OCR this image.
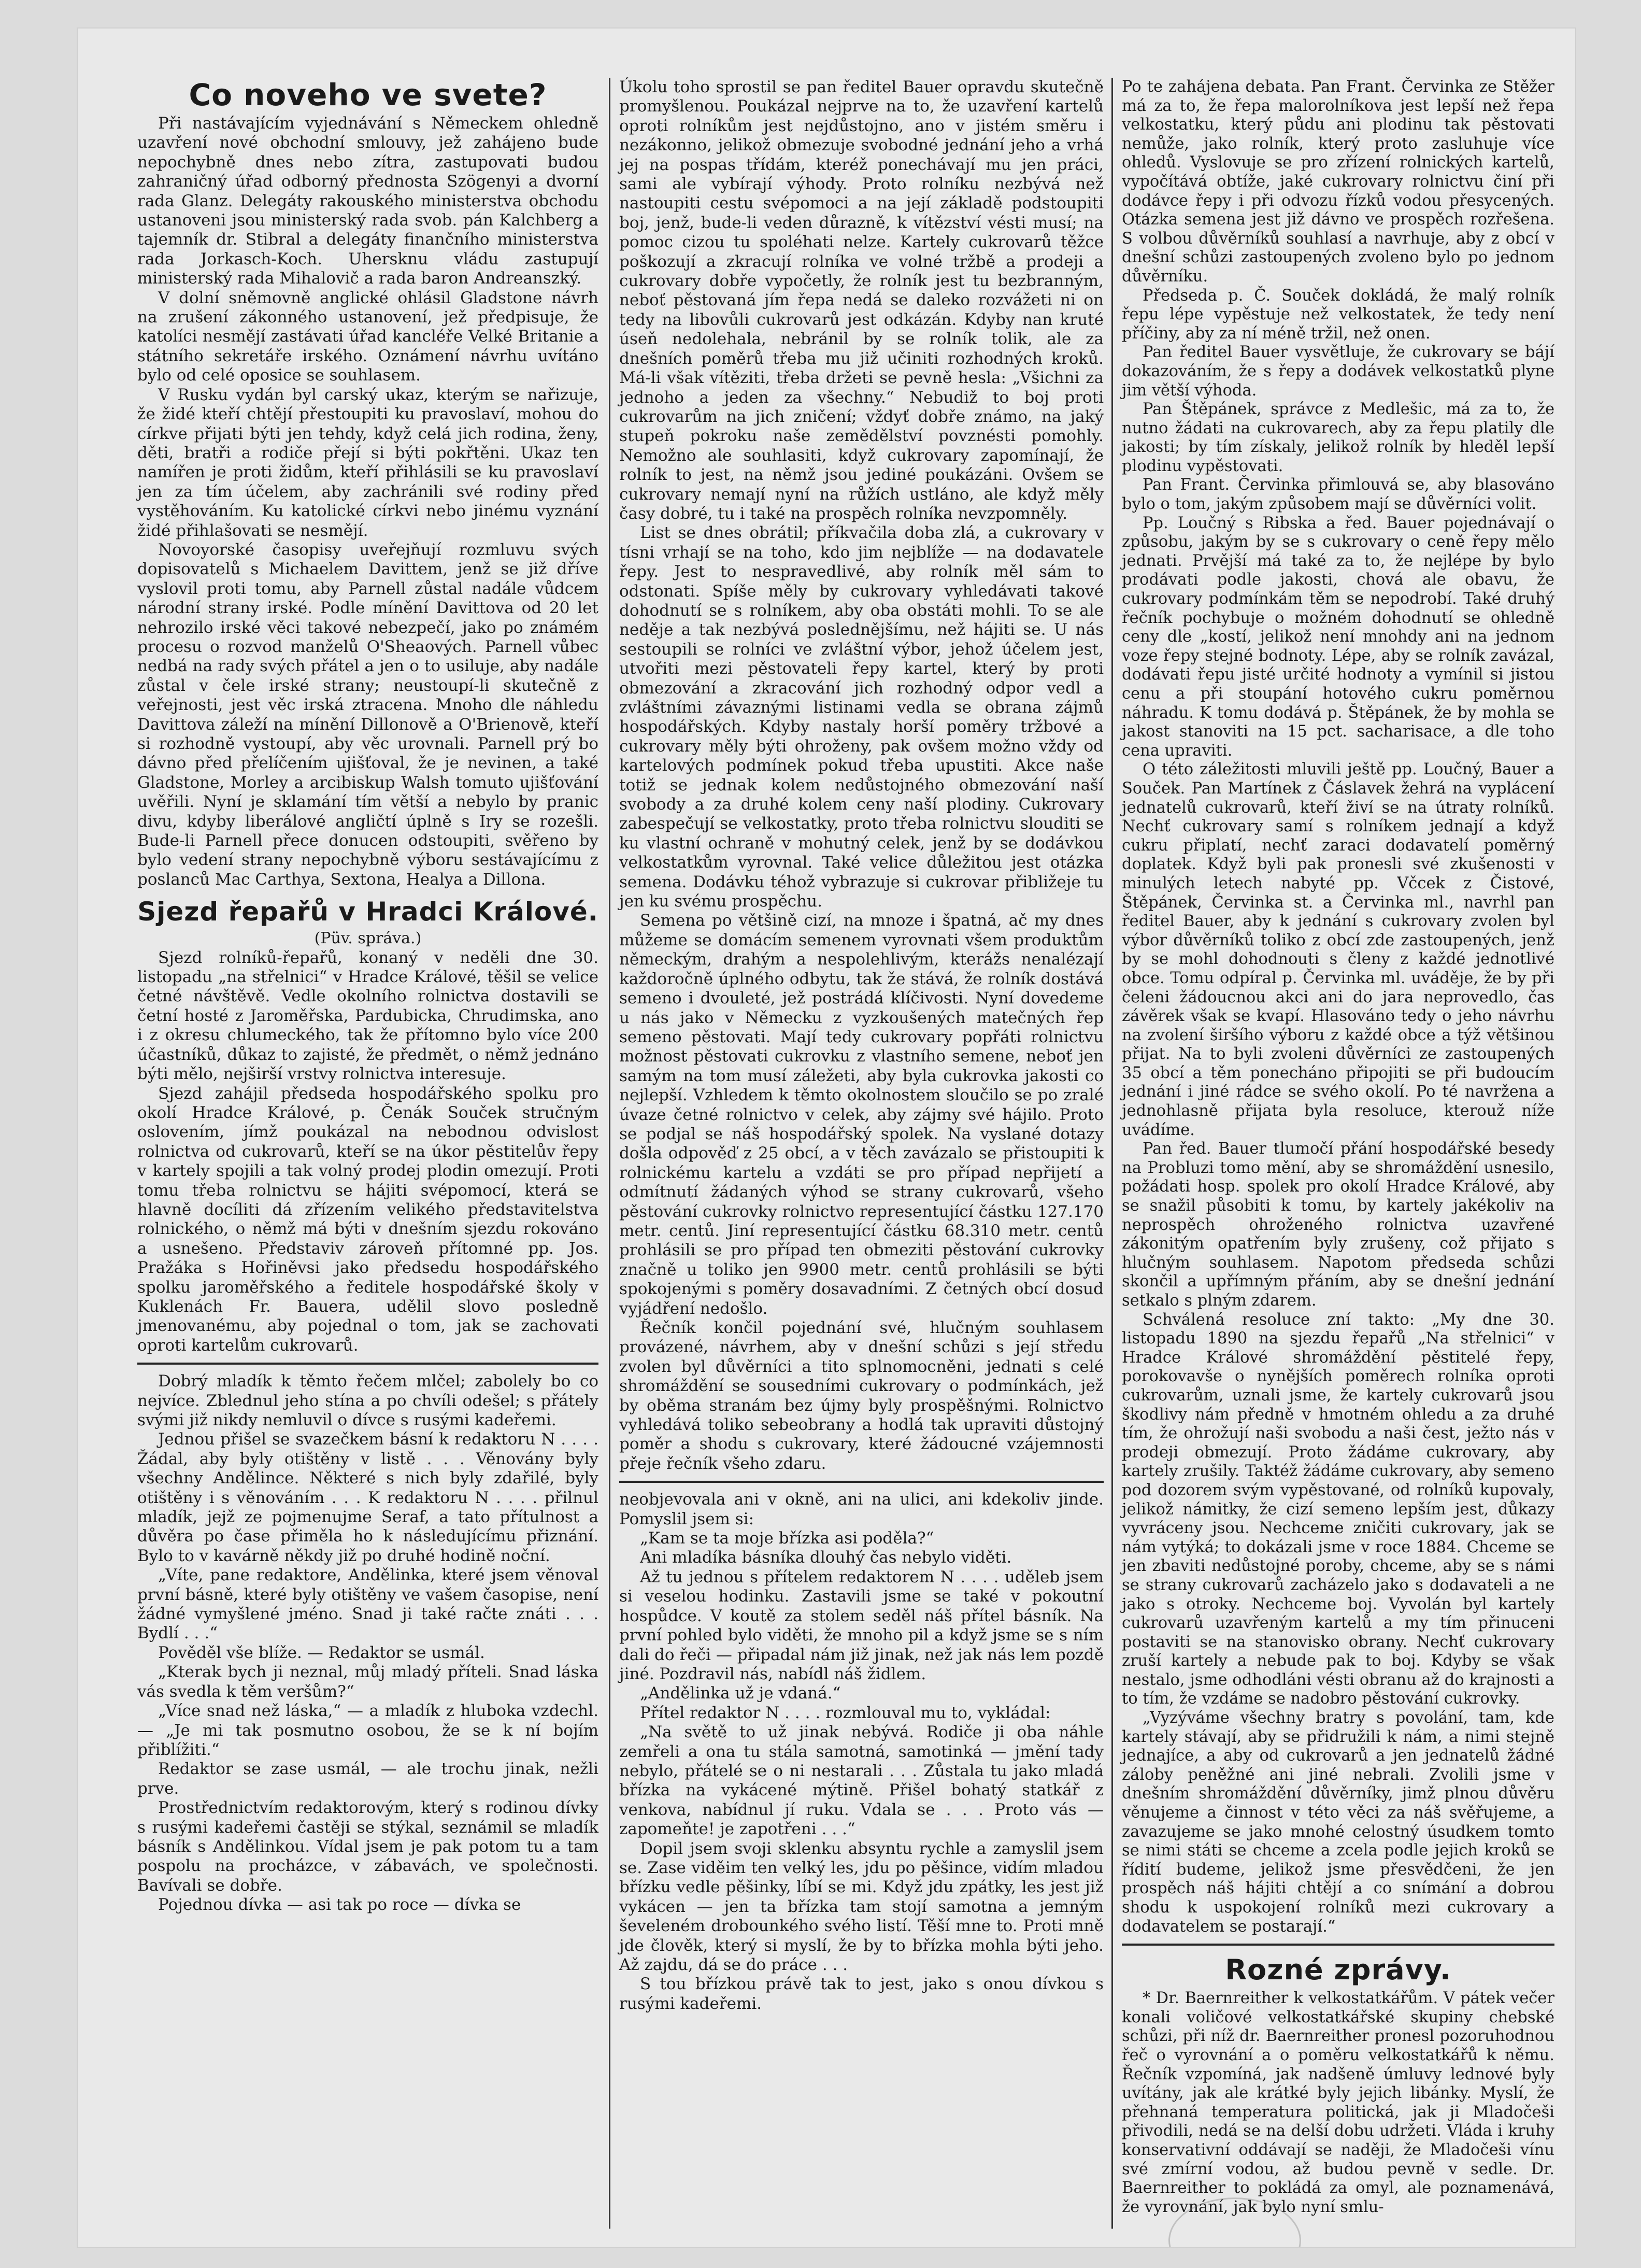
Co noveho ve svete?

Při nastávajícím vyjednávání s Německem ohledně uzavření nové obchodní smlouvy, jež zahájeno bude nepochybně dnes nebo zítra, zastupovati budou zahraničný úřad odborný přednosta Szögenyi a dvorní rada Glanz. Delegáty rakouského ministerstva obchodu ustanoveni jsou ministerský rada svob. pán Kalchberg a tajemník dr. Stibral a delegáty finančního ministerstva rada Jorkasch-Koch. Uhersknu vládu zastupují ministerský rada Mihalovič a rada baron Andreanszký.

V dolní sněmovně anglické ohlásil Gladstone návrh na zrušení zákonného ustanovení, jež předpisuje, že katolíci nesmějí zastávati úřad kancléře Velké Britanie a státního sekretáře irského. Oznámení návrhu uvítáno bylo od celé oposice se souhlasem.

V Rusku vydán byl carský ukaz, kterým se nařizuje, že židé kteří chtějí přestoupiti ku pravoslaví, mohou do církve přijati býti jen tehdy, když celá jich rodina, ženy, děti, bratři a rodiče přejí si býti pokřtěni. Ukaz ten namířen je proti židům, kteří přihlásili se ku pravoslaví jen za tím účelem, aby zachránili své rodiny před vystěhováním. Ku katolické církvi nebo jinému vyznání židé přihlašovati se nesmějí.

Novoyorské časopisy uveřejňují rozmluvu svých dopisovatelů s Michaelem Davittem, jenž se již dříve vyslovil proti tomu, aby Parnell zůstal nadále vůdcem národní strany irské. Podle mínění Davittova od 20 let nehrozilo irské věci takové nebezpečí, jako po známém procesu o rozvod manželů O'Sheaových. Parnell vůbec nedbá na rady svých přátel a jen o to usiluje, aby nadále zůstal v čele irské strany; neustoupí-li skutečně z veřejnosti, jest věc irská ztracena. Mnoho dle náhledu Davittova záleží na mínění Dillonově a O'Brienově, kteří si rozhodně vystoupí, aby věc urovnali. Parnell prý bo dávno před přelíčením ujišťoval, že je nevinen, a také Gladstone, Morley a arcibiskup Walsh tomuto ujišťování uvěřili. Nyní je sklamání tím větší a nebylo by pranic divu, kdyby liberálové angličtí úplně s Iry se rozešli. Bude-li Parnell přece donucen odstoupiti, svěřeno by bylo vedení strany nepochybně výboru sestávajícímu z poslanců Mac Carthya, Sextona, Healya a Dillona.

Sjezd řepařů v Hradci Králové.
(Püv. správa.)

Sjezd rolníků-řepařů, konaný v neděli dne 30. listopadu „na střelnici“ v Hradce Králové, těšil se velice četné návštěvě. Vedle okolního rolnictva dostavili se četní hosté z Jaroměřska, Pardubicka, Chrudimska, ano i z okresu chlumeckého, tak že přítomno bylo více 200 účastníků, důkaz to zajisté, že předmět, o němž jednáno býti mělo, nejširší vrstvy rolnictva interesuje.

Sjezd zahájil předseda hospodářského spolku pro okolí Hradce Králové, p. Čenák Souček stručným oslovením, jímž poukázal na nebodnou odvislost rolnictva od cukrovarů, kteří se na úkor pěstitelův řepy v kartely spojili a tak volný prodej plodin omezují. Proti tomu třeba rolnictvu se hájiti svépomocí, která se hlavně docíliti dá zřízením velikého představitelstva rolnického, o němž má býti v dnešním sjezdu rokováno a usnešeno. Představiv zároveň přítomné pp. Jos. Pražáka s Hořiněvsi jako předsedu hospodářského spolku jaroměřského a ředitele hospodářské školy v Kuklenách Fr. Bauera, udělil slovo posledně jmenovanému, aby pojednal o tom, jak se zachovati oproti kartelům cukrovarů.

Dobrý mladík k těmto řečem mlčel; zabolely bo co nejvíce. Zblednul jeho stína a po chvíli odešel; s přátely svými již nikdy nemluvil o dívce s rusými kadeřemi.

Jednou přišel se svazečkem básní k redaktoru N . . . . Žádal, aby byly otištěny v listě . . . Věnovány byly všechny Andělince. Některé s nich byly zdařilé, byly otištěny i s věnováním . . . K redaktoru N . . . . přilnul mladík, jejž ze pojmenujme Seraf, a tato přítulnost a důvěra po čase přiměla ho k následujícímu přiznání. Bylo to v kavárně někdy již po druhé hodině noční.

„Víte, pane redaktore, Andělinka, které jsem věnoval první básně, které byly otištěny ve vašem časopise, není žádné vymyšlené jméno. Snad ji také račte znáti . . . Bydlí . . .“

Pověděl vše blíže. — Redaktor se usmál.

„Kterak bych ji neznal, můj mladý příteli. Snad láska vás svedla k těm veršům?“

„Více snad než láska,“ — a mladík z hluboka vzdechl. — „Je mi tak posmutno osobou, že se k ní bojím přiblížiti.“

Redaktor se zase usmál, — ale trochu jinak, nežli prve.

Prostřednictvím redaktorovým, který s rodinou dívky s rusými kadeřemi častěji se stýkal, seznámil se mladík básník s Andělinkou. Vídal jsem je pak potom tu a tam pospolu na procházce, v zábavách, ve společnosti. Bavívali se dobře.

Pojednou dívka — asi tak po roce — dívka se

Úkolu toho sprostil se pan ředitel Bauer opravdu skutečně promyšlenou. Poukázal nejprve na to, že uzavření kartelů oproti rolníkům jest nejdůstojno, ano v jistém směru i nezákonno, jelikož obmezuje svobodné jednání jeho a vrhá jej na pospas třídám, kteréž ponechávají mu jen práci, sami ale vybírají výhody. Proto rolníku nezbývá než nastoupiti cestu svépomoci a na její základě podstoupiti boj, jenž, bude-li veden důrazně, k vítězství vésti musí; na pomoc cizou tu spoléhati nelze. Kartely cukrovarů těžce poškozují a zkracují rolníka ve volné tržbě a prodeji a cukrovary dobře vypočetly, že rolník jest tu bezbranným, neboť pěstovaná jím řepa nedá se daleko rozvážeti ni on tedy na libovůli cukrovarů jest odkázán. Kdyby nan kruté úseň nedolehala, nebránil by se rolník tolik, ale za dnešních poměrů třeba mu již učiniti rozhodných kroků. Má-li však vítěziti, třeba držeti se pevně hesla: „Všichni za jednoho a jeden za všechny.“ Nebudiž to boj proti cukrovarům na jich zničení; vždyť dobře známo, na jaký stupeň pokroku naše zemědělství povznésti pomohly. Nemožno ale souhlasiti, když cukrovary zapomínají, že rolník to jest, na němž jsou jediné poukázáni. Ovšem se cukrovary nemají nyní na růžích ustláno, ale když měly časy dobré, tu i také na prospěch rolníka nevzpomněly.

List se dnes obrátil; příkvačila doba zlá, a cukrovary v tísni vrhají se na toho, kdo jim nejblíže — na dodavatele řepy. Jest to nespravedlivé, aby rolník měl sám to odstonati. Spíše měly by cukrovary vyhledávati takové dohodnutí se s rolníkem, aby oba obstáti mohli. To se ale neděje a tak nezbývá poslednějšímu, než hájiti se. U nás sestoupili se rolníci ve zvláštní výbor, jehož účelem jest, utvořiti mezi pěstovateli řepy kartel, který by proti obmezování a zkracování jich rozhodný odpor vedl a zvláštními závaznými listinami vedla se obrana zájmů hospodářských. Kdyby nastaly horší poměry tržbové a cukrovary měly býti ohroženy, pak ovšem možno vždy od kartelových podmínek pokud třeba upustiti. Akce naše totiž se jednak kolem nedůstojného obmezování naší svobody a za druhé kolem ceny naší plodiny. Cukrovary zabespečují se velkostatky, proto třeba rolnictvu slouditi se ku vlastní ochraně v mohutný celek, jenž by se dodávkou velkostatkům vyrovnal. Také velice důležitou jest otázka semena. Dodávku téhož vybrazuje si cukrovar přibližeje tu jen ku svému prospěchu.

Semena po většině cizí, na mnoze i špatná, ač my dnes můžeme se domácím semenem vyrovnati všem produktům německým, drahým a nespolehlivým, kterážs nenalézají každoročně úplného odbytu, tak že stává, že rolník dostává semeno i dvouleté, jež postrádá klíčivosti. Nyní dovedeme u nás jako v Německu z vyzkoušených matečných řep semeno pěstovati. Mají tedy cukrovary popřáti rolnictvu možnost pěstovati cukrovku z vlastního semene, neboť jen samým na tom musí záležeti, aby byla cukrovka jakosti co nejlepší. Vzhledem k těmto okolnostem sloučilo se po zralé úvaze četné rolnictvo v celek, aby zájmy své hájilo. Proto se podjal se náš hospodářský spolek. Na vyslané dotazy došla odpověď z 25 obcí, a v těch zavázalo se přistoupiti k rolnickému kartelu a vzdáti se pro případ nepřijetí a odmítnutí žádaných výhod se strany cukrovarů, všeho pěstování cukrovky rolnictvo representující částku 127.170 metr. centů. Jiní representující částku 68.310 metr. centů prohlásili se pro případ ten obmeziti pěstování cukrovky značně u toliko jen 9900 metr. centů prohlásili se býti spokojenými s poměry dosavadními. Z četných obcí dosud vyjádření nedošlo.

Řečník končil pojednání své, hlučným souhlasem provázené, návrhem, aby v dnešní schůzi s její středu zvolen byl důvěrníci a tito splnomocněni, jednati s celé shromáždění se sousedními cukrovary o podmínkách, jež by oběma stranám bez újmy byly prospěšnými. Rolnictvo vyhledává toliko sebeobrany a hodlá tak upraviti důstojný poměr a shodu s cukrovary, které žádoucné vzájemnosti přeje řečník všeho zdaru.

neobjevovala ani v okně, ani na ulici, ani kdekoliv jinde. Pomyslil jsem si:

„Kam se ta moje břízka asi poděla?“

Ani mladíka básníka dlouhý čas nebylo viděti.

Až tu jednou s přítelem redaktorem N . . . . uděleb jsem si veselou hodinku. Zastavili jsme se také v pokoutní hospůdce. V koutě za stolem seděl náš přítel básník. Na první pohled bylo viděti, že mnoho pil a když jsme se s ním dali do řeči — připadal nám již jinak, než jak nás lem pozdě jiné. Pozdravil nás, nabídl náš židlem.

„Andělinka už je vdaná.“

Přítel redaktor N . . . . rozmlouval mu to, vykládal:

„Na světě to už jinak nebývá. Rodiče ji oba náhle zemřeli a ona tu stála samotná, samotinká — jmění tady nebylo, přátelé se o ni nestarali . . . Zůstala tu jako mladá břízka na vykácené mýtině. Přišel bohatý statkář z venkova, nabídnul jí ruku. Vdala se . . . Proto vás — zapomeňte! je zapotřeni . . .“

Dopil jsem svoji sklenku absyntu rychle a zamyslil jsem se. Zase viděim ten velký les, jdu po pěšince, vidím mladou břízku vedle pěšinky, líbí se mi. Když jdu zpátky, les jest již vykácen — jen ta břízka tam stojí samotna a jemným ševeleném drobounkého svého listí. Těší mne to. Proti mně jde člověk, který si myslí, že by to břízka mohla býti jeho. Až zajdu, dá se do práce . . .

S tou břízkou právě tak to jest, jako s onou dívkou s rusými kadeřemi.

Po te zahájena debata. Pan Frant. Červinka ze Stěžer má za to, že řepa malorolníkova jest lepší než řepa velkostatku, který půdu ani plodinu tak pěstovati nemůže, jako rolník, který proto zasluhuje více ohledů. Vyslovuje se pro zřízení rolnických kartelů, vypočítává obtíže, jaké cukrovary rolnictvu činí při dodávce řepy i při odvozu řízků vodou přesycených. Otázka semena jest již dávno ve prospěch rozřešena. S volbou důvěrníků souhlasí a navrhuje, aby z obcí v dnešní schůzi zastoupených zvoleno bylo po jednom důvěrníku.

Předseda p. Č. Souček dokládá, že malý rolník řepu lépe vypěstuje než velkostatek, že tedy není příčiny, aby za ní méně tržil, než onen.

Pan ředitel Bauer vysvětluje, že cukrovary se bájí dokazováním, že s řepy a dodávek velkostatků plyne jim větší výhoda.

Pan Štěpánek, správce z Medlešic, má za to, že nutno žádati na cukrovarech, aby za řepu platily dle jakosti; by tím získaly, jelikož rolník by hleděl lepší plodinu vypěstovati.

Pan Frant. Červinka přimlouvá se, aby blasováno bylo o tom, jakým způsobem mají se důvěrníci volit.

Pp. Loučný s Ribska a řed. Bauer pojednávají o způsobu, jakým by se s cukrovary o ceně řepy mělo jednati. Prvější má také za to, že nejlépe by bylo prodávati podle jakosti, chová ale obavu, že cukrovary podmínkám těm se nepodrobí. Také druhý řečník pochybuje o možném dohodnutí se ohledně ceny dle „kostí, jelikož není mnohdy ani na jednom voze řepy stejné bodnoty. Lépe, aby se rolník zavázal, dodávati řepu jisté určité hodnoty a vymínil si jistou cenu a při stoupání hotového cukru poměrnou náhradu. K tomu dodává p. Štěpánek, že by mohla se jakost stanoviti na 15 pct. sacharisace, a dle toho cena upraviti.

O této záležitosti mluvili ještě pp. Loučný, Bauer a Souček. Pan Martínek z Čáslavek žehrá na vyplácení jednatelů cukrovarů, kteří živí se na útraty rolníků. Nechť cukrovary samí s rolníkem jednají a když cukru připlatí, nechť zaraci dodavatelí poměrný doplatek. Když byli pak pronesli své zkušenosti v minulých letech nabyté pp. Včcek z Čistové, Štěpánek, Červinka st. a Červinka ml., navrhl pan ředitel Bauer, aby k jednání s cukrovary zvolen byl výbor důvěrníků toliko z obcí zde zastoupených, jenž by se mohl dohodnouti s členy z každé jednotlivé obce. Tomu odpíral p. Červinka ml. uváděje, že by při čeleni žádoucnou akci ani do jara neprovedlo, čas závěrek však se kvapí. Hlasováno tedy o jeho návrhu na zvolení širšího výboru z každé obce a týž většinou přijat. Na to byli zvoleni důvěrníci ze zastoupených 35 obcí a těm ponecháno připojiti se při budoucím jednání i jiné rádce se svého okolí. Po té navržena a jednohlasně přijata byla resoluce, kterouž níže uvádíme.

Pan řed. Bauer tlumočí přání hospodářské besedy na Probluzi tomo mění, aby se shromáždění usnesilo, požádati hosp. spolek pro okolí Hradce Králové, aby se snažil působiti k tomu, by kartely jakékoliv na neprospěch ohroženého rolnictva uzavřené zákonitým opatřením byly zrušeny, což přijato s hlučným souhlasem. Napotom předseda schůzi skončil a upřímným přáním, aby se dnešní jednání setkalo s plným zdarem.

Schválená resoluce zní takto: „My dne 30. listopadu 1890 na sjezdu řepařů „Na střelnici“ v Hradce Králové shromáždění pěstitelé řepy, porokovavše o nynějších poměrech rolníka oproti cukrovarům, uznali jsme, že kartely cukrovarů jsou škodlivy nám předně v hmotném ohledu a za druhé tím, že ohrožují naši svobodu a naši čest, ježto nás v prodeji obmezují. Proto žádáme cukrovary, aby kartely zrušily. Taktéž žádáme cukrovary, aby semeno pod dozorem svým vypěstované, od rolníků kupovaly, jelikož námitky, že cizí semeno lepším jest, důkazy vyvráceny jsou. Nechceme zničiti cukrovary, jak se nám vytýká; to dokázali jsme v roce 1884. Chceme se jen zbaviti nedůstojné poroby, chceme, aby se s námi se strany cukrovarů zacházelo jako s dodavateli a ne jako s otroky. Nechceme boj. Vyvolán byl kartely cukrovarů uzavřeným kartelů a my tím přinuceni postaviti se na stanovisko obrany. Nechť cukrovary zruší kartely a nebude pak to boj. Kdyby se však nestalo, jsme odhodláni vésti obranu až do krajnosti a to tím, že vzdáme se nadobro pěstování cukrovky.

„Vyzýváme všechny bratry s povolání, tam, kde kartely stávají, aby se přidružili k nám, a nimi stejně jednajíce, a aby od cukrovarů a jen jednatelů žádné záloby peněžné ani jiné nebrali. Zvolili jsme v dnešním shromáždění důvěrníky, jimž plnou důvěru věnujeme a činnost v této věci za náš svěřujeme, a zavazujeme se jako mnohé celostný úsudkem tomto se nimi státi se chceme a zcela podle jejich kroků se řídití budeme, jelikož jsme přesvědčeni, že jen prospěch náš hájiti chtějí a co snímání a dobrou shodu k uspokojení rolníků mezi cukrovary a dodavatelem se postarají.“

Rozné zprávy.

* Dr. Baernreither k velkostatkářům. V pátek večer konali voličové velkostatkářské skupiny chebské schůzi, při níž dr. Baernreither pronesl pozoruhodnou řeč o vyrovnání a o poměru velkostatkářů k němu. Řečník vzpomíná, jak nadšeně úmluvy lednové byly uvítány, jak ale krátké byly jejich libánky. Myslí, že přehnaná temperatura politická, jak ji Mladočeši přivodili, nedá se na delší dobu udržeti. Vláda i kruhy konservativní oddávají se naději, že Mladočeši vínu své zmírní vodou, až budou pevně v sedle. Dr. Baernreither to pokládá za omyl, ale poznamenává, že vyrovnání, jak bylo nyní smlu-
